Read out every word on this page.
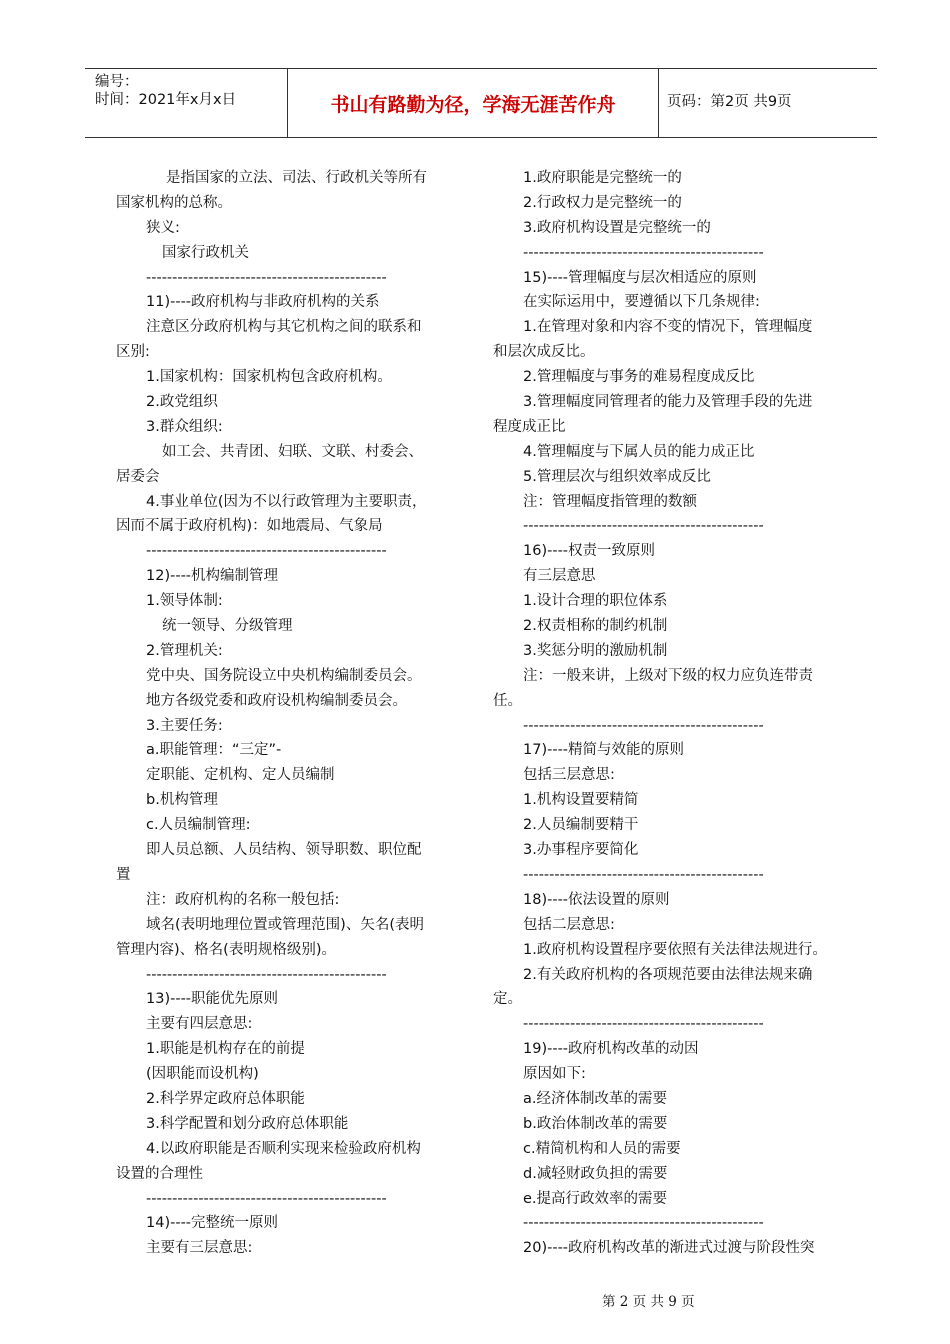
编号：
时间：2021年x月x日	书山有路勤为径，学海无涯苦作舟	页码：第2页 共9页
是指国家的立法、司法、行政机关等所有
国家机构的总称。
狭义:
国家行政机关
----------------------------------------------
11)----政府机构与非政府机构的关系
注意区分政府机构与其它机构之间的联系和
区别:
1.国家机构：国家机构包含政府机构。
2.政党组织
3.群众组织:
如工会、共青团、妇联、文联、村委会、
居委会
4.事业单位(因为不以行政管理为主要职责，
因而不属于政府机构)：如地震局、气象局
----------------------------------------------
12)----机构编制管理
1.领导体制:
统一领导、分级管理
2.管理机关:
党中央、国务院设立中央机构编制委员会。
地方各级党委和政府设机构编制委员会。
3.主要任务:
a.职能管理：“三定”-
定职能、定机构、定人员编制
b.机构管理
c.人员编制管理:
即人员总额、人员结构、领导职数、职位配
置
注：政府机构的名称一般包括:
域名(表明地理位置或管理范围)、矢名(表明
管理内容)、格名(表明规格级别)。
----------------------------------------------
13)----职能优先原则
主要有四层意思:
1.职能是机构存在的前提
(因职能而设机构)
2.科学界定政府总体职能
3.科学配置和划分政府总体职能
4.以政府职能是否顺利实现来检验政府机构
设置的合理性
----------------------------------------------
14)----完整统一原则
主要有三层意思:
1.政府职能是完整统一的
2.行政权力是完整统一的
3.政府机构设置是完整统一的
----------------------------------------------
15)----管理幅度与层次相适应的原则
在实际运用中，要遵循以下几条规律:
1.在管理对象和内容不变的情况下，管理幅度
和层次成反比。
2.管理幅度与事务的难易程度成反比
3.管理幅度同管理者的能力及管理手段的先进
程度成正比
4.管理幅度与下属人员的能力成正比
5.管理层次与组织效率成反比
注：管理幅度指管理的数额
----------------------------------------------
16)----权责一致原则
有三层意思
1.设计合理的职位体系
2.权责相称的制约机制
3.奖惩分明的激励机制
注：一般来讲，上级对下级的权力应负连带责
任。
----------------------------------------------
17)----精简与效能的原则
包括三层意思:
1.机构设置要精简
2.人员编制要精干
3.办事程序要简化
----------------------------------------------
18)----依法设置的原则
包括二层意思:
1.政府机构设置程序要依照有关法律法规进行。
2.有关政府机构的各项规范要由法律法规来确
定。
----------------------------------------------
19)----政府机构改革的动因
原因如下:
a.经济体制改革的需要
b.政治体制改革的需要
c.精简机构和人员的需要
d.减轻财政负担的需要
e.提高行政效率的需要
----------------------------------------------
20)----政府机构改革的渐进式过渡与阶段性突
第 2 页 共 9 页
